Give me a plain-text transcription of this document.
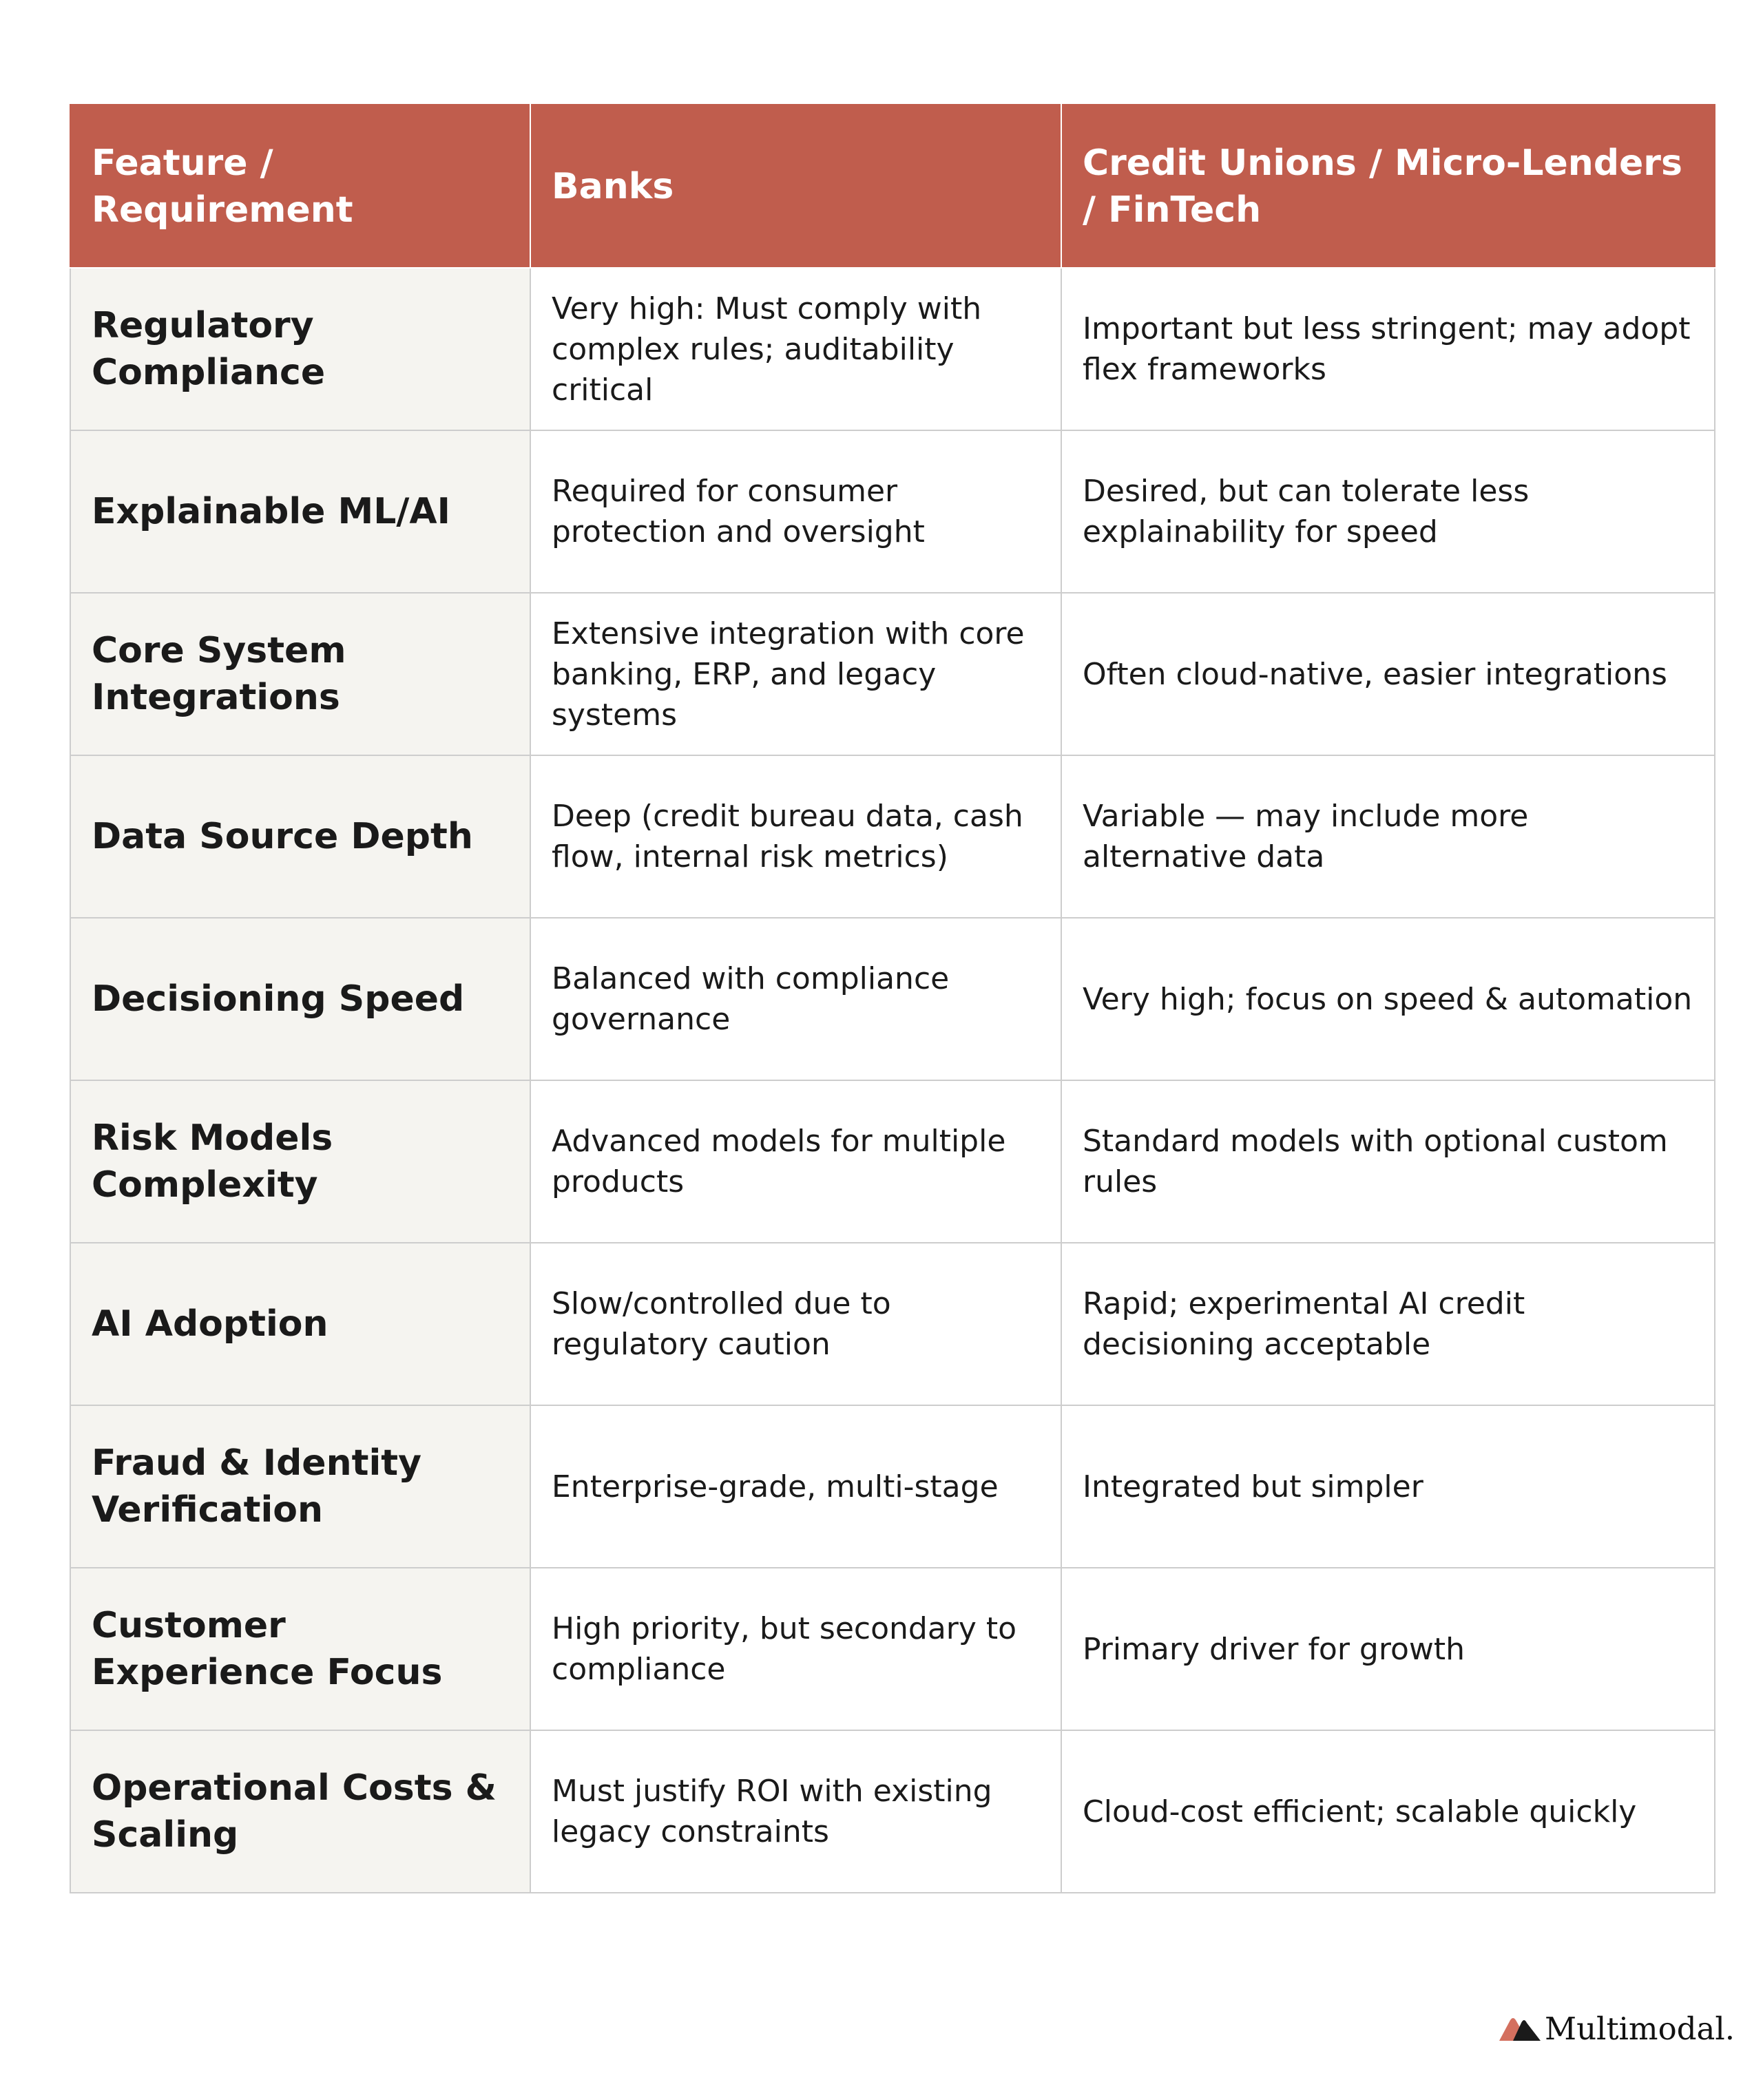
Feature / Requirement	Banks	Credit Unions / Micro-Lenders / FinTech
Regulatory Compliance	Very high: Must comply with complex rules; auditability critical	Important but less stringent; may adopt flex frameworks
Explainable ML/AI	Required for consumer protection and oversight	Desired, but can tolerate less explainability for speed
Core System Integrations	Extensive integration with core banking, ERP, and legacy systems	Often cloud-native, easier integrations
Data Source Depth	Deep (credit bureau data, cash flow, internal risk metrics)	Variable — may include more alternative data
Decisioning Speed	Balanced with compliance governance	Very high; focus on speed & automation
Risk Models Complexity	Advanced models for multiple products	Standard models with optional custom rules
AI Adoption	Slow/controlled due to regulatory caution	Rapid; experimental AI credit decisioning acceptable
Fraud & Identity Verification	Enterprise-grade, multi-stage	Integrated but simpler
Customer Experience Focus	High priority, but secondary to compliance	Primary driver for growth
Operational Costs & Scaling	Must justify ROI with existing legacy constraints	Cloud-cost efficient; scalable quickly
Multimodal.
